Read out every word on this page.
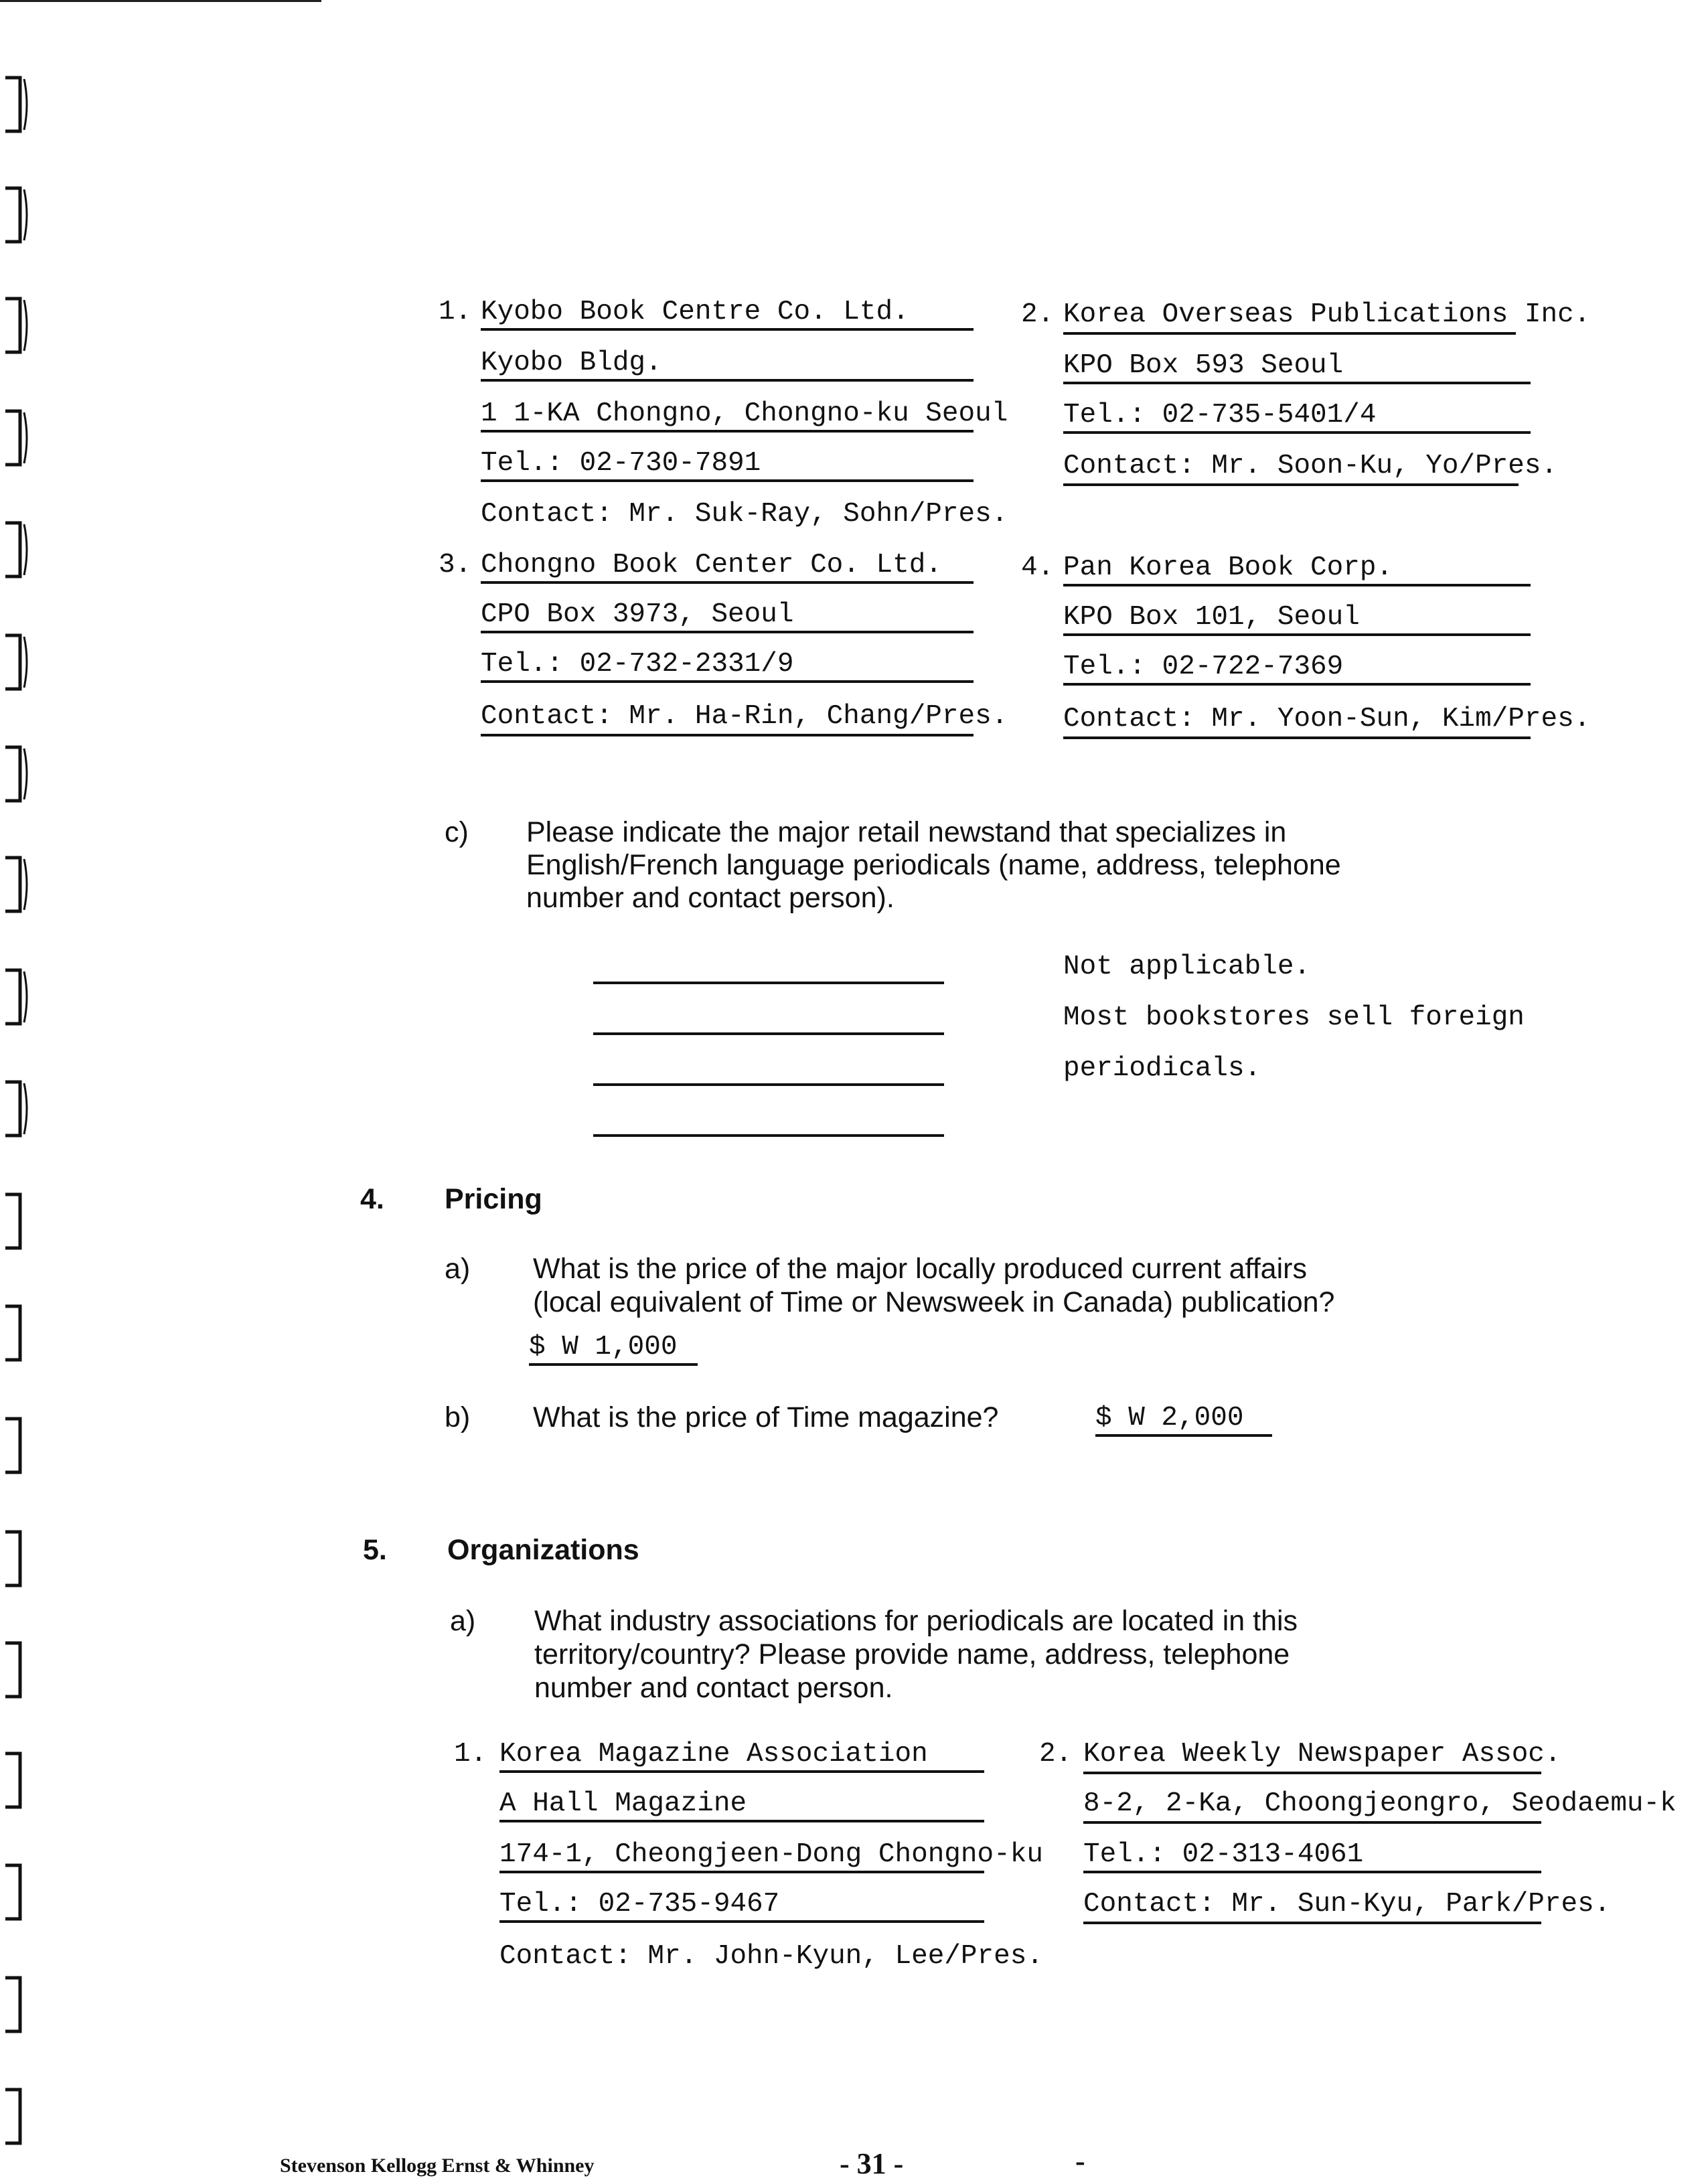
1. Kyobo Book Centre Co. Ltd.
Kyobo Bldg.
1 1-KA Chongno, Chongno-ku Seoul
Tel.: 02-730-7891
Contact: Mr. Suk-Ray, Sohn/Pres.
2. Korea Overseas Publications Inc.
KPO Box 593 Seoul
Tel.: 02-735-5401/4
Contact: Mr. Soon-Ku, Yo/Pres.
3. Chongno Book Center Co. Ltd.
CPO Box 3973, Seoul
Tel.: 02-732-2331/9
Contact: Mr. Ha-Rin, Chang/Pres.
4. Pan Korea Book Corp.
KPO Box 101, Seoul
Tel.: 02-722-7369
Contact: Mr. Yoon-Sun, Kim/Pres.
c) Please indicate the major retail newstand that specializes in
English/French language periodicals (name, address, telephone
number and contact person).
Not applicable.
Most bookstores sell foreign
periodicals.
4. Pricing
a) What is the price of the major locally produced current affairs
(local equivalent of Time or Newsweek in Canada) publication?
$ W 1,000
b) What is the price of Time magazine?	$ W 2,000
5. Organizations
a) What industry associations for periodicals are located in this
territory/country? Please provide name, address, telephone
number and contact person.
1. Korea Magazine Association
A Hall Magazine
174-1, Cheongjeen-Dong Chongno-ku
Tel.: 02-735-9467
Contact: Mr. John-Kyun, Lee/Pres.
2. Korea Weekly Newspaper Assoc.
8-2, 2-Ka, Choongjeongro, Seodaemu-k
Tel.: 02-313-4061
Contact: Mr. Sun-Kyu, Park/Pres.
Stevenson Kellogg Ernst & Whinney	- 31 -	-
